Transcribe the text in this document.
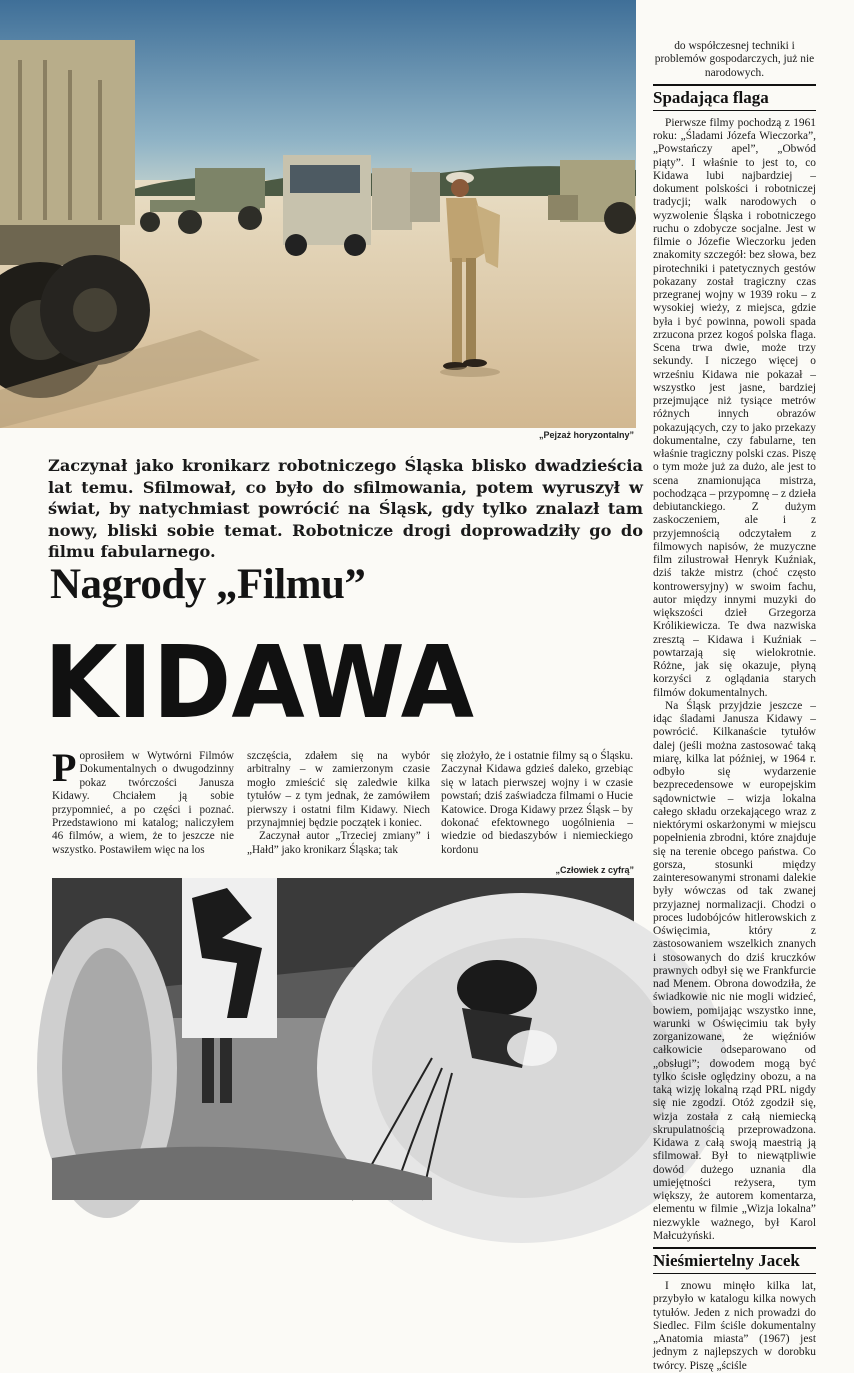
„Pejzaż horyzontalny”

Zaczynał jako kronikarz robotniczego Śląska blisko dwadzieścia lat temu. Sfilmował, co było do sfilmowania, potem wyruszył w świat, by natychmiast powrócić na Śląsk, gdy tylko znalazł tam nowy, bliski sobie temat. Robotnicze drogi doprowadziły go do filmu fabularnego.

Nagrody „Filmu”
KIDAWA

Poprosiłem w Wytwórni Filmów Dokumentalnych o dwugodzinny pokaz twórczości Janusza Kidawy. Chciałem ją sobie przypomnieć, a po części i poznać. Przedstawiono mi katalog; naliczyłem 46 filmów, a wiem, że to jeszcze nie wszystko. Postawiłem więc na los

szczęścia, zdałem się na wybór arbitralny – w zamierzonym czasie mogło zmieścić się zaledwie kilka tytułów – z tym jednak, że zamówiłem pierwszy i ostatni film Kidawy. Niech przynajmniej będzie początek i koniec.

Zaczynał autor „Trzeciej zmiany” i „Hałd” jako kronikarz Śląska; tak

się złożyło, że i ostatnie filmy są o Śląsku. Zaczynał Kidawa gdzieś daleko, grzebiąc się w latach pierwszej wojny i w czasie powstań; dziś zaświadcza filmami o Hucie Katowice. Droga Kidawy przez Śląsk – by dokonać efektownego uogólnienia – wiedzie od biedaszybów i niemieckiego kordonu

„Człowiek z cyfrą”

do współczesnej techniki i problemów gospodarczych, już nie narodowych.

Spadająca flaga

Pierwsze filmy pochodzą z 1961 roku: „Śladami Józefa Wieczorka”, „Powstańczy apel”, „Obwód piąty”. I właśnie to jest to, co Kidawa lubi najbardziej – dokument polskości i robotniczej tradycji; walk narodowych o wyzwolenie Śląska i robotniczego ruchu o zdobycze socjalne. Jest w filmie o Józefie Wieczorku jeden znakomity szczegół: bez słowa, bez pirotechniki i patetycznych gestów pokazany został tragiczny czas przegranej wojny w 1939 roku – z wysokiej wieży, z miejsca, gdzie była i być powinna, powoli spada zrzucona przez kogoś polska flaga. Scena trwa dwie, może trzy sekundy. I niczego więcej o wrześniu Kidawa nie pokazał – wszystko jest jasne, bardziej przejmujące niż tysiące metrów różnych innych obrazów pokazujących, czy to jako przekazy dokumentalne, czy fabularne, ten właśnie tragiczny polski czas. Piszę o tym może już za dużo, ale jest to scena znamionująca mistrza, pochodząca – przypomnę – z dzieła debiutanckiego. Z dużym zaskoczeniem, ale i z przyjemnością odczytałem z filmowych napisów, że muzyczne film zilustrował Henryk Kuźniak, dziś także mistrz (choć często kontrowersyjny) w swoim fachu, autor między innymi muzyki do większości dzieł Grzegorza Królikiewicza. Te dwa nazwiska zresztą – Kidawa i Kuźniak – powtarzają się wielokrotnie. Różne, jak się okazuje, płyną korzyści z oglądania starych filmów dokumentalnych.

Na Śląsk przyjdzie jeszcze – idąc śladami Janusza Kidawy – powrócić. Kilkanaście tytułów dalej (jeśli można zastosować taką miarę, kilka lat później, w 1964 r. odbyło się wydarzenie bezprecedensowe w europejskim sądownictwie – wizja lokalna całego składu orzekającego wraz z niektórymi oskarżonymi w miejscu popełnienia zbrodni, które znajduje się na terenie obcego państwa. Co gorsza, stosunki między zainteresowanymi stronami dalekie były wówczas od tak zwanej przyjaznej normalizacji. Chodzi o proces ludobójców hitlerowskich z Oświęcimia, który z zastosowaniem wszelkich znanych i stosowanych do dziś kruczków prawnych odbył się we Frankfurcie nad Menem. Obrona dowodziła, że świadkowie nic nie mogli widzieć, bowiem, pomijając wszystko inne, warunki w Oświęcimiu tak były zorganizowane, że więźniów całkowicie odseparowano od „obsługi”; dowodem mogą być tylko ścisłe oględziny obozu, a na taką wizję lokalną rząd PRL nigdy się nie zgodzi. Otóż zgodził się, wizja została z całą niemiecką skrupulatnością przeprowadzona. Kidawa z całą swoją maestrią ją sfilmował. Był to niewątpliwie dowód dużego uznania dla umiejętności reżysera, tym większy, że autorem komentarza, elementu w filmie „Wizja lokalna” niezwykle ważnego, był Karol Małcużyński.

Nieśmiertelny Jacek

I znowu minęło kilka lat, przybyło w katalogu kilka nowych tytułów. Jeden z nich prowadzi do Siedlec. Film ściśle dokumentalny „Anatomia miasta” (1967) jest jednym z najlepszych w dorobku twórcy. Piszę „ściśle
